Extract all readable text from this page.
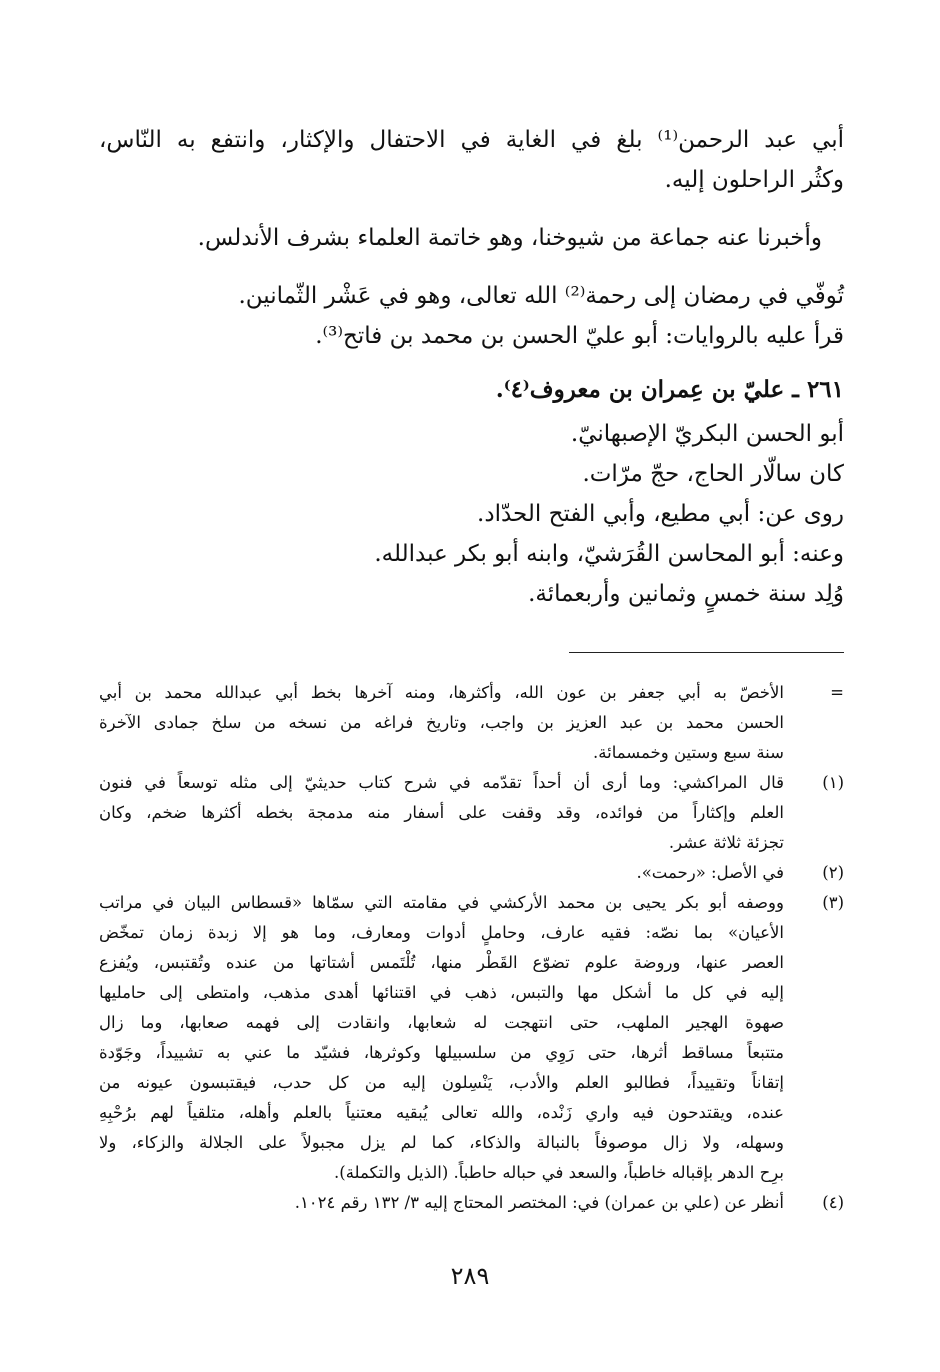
أبي عبد الرحمن⁽¹⁾ بلغ في الغاية في الاحتفال والإكثار، وانتفع به النّاس،
وكثُر الراحلون إليه.
وأخبرنا عنه جماعة من شيوخنا، وهو خاتمة العلماء بشرف الأندلس.
تُوفّي في رمضان إلى رحمة⁽²⁾ الله تعالى، وهو في عَشْر الثّمانين.
قرأ عليه بالروايات: أبو عليّ الحسن بن محمد بن فاتح⁽³⁾.
٢٦١ ـ عليّ بن عِمران بن معروف⁽٤⁾.
أبو الحسن البكريّ الإصبهانيّ.
كان سالّار الحاج، حجّ مرّات.
روى عن: أبي مطيع، وأبي الفتح الحدّاد.
وعنه: أبو المحاسن القُرَشيّ، وابنه أبو بكر عبدالله.
وُلِد سنة خمسٍ وثمانين وأربعمائة.
=
الأخصّ به أبي جعفر بن عون الله، وأكثرها، ومنه آخرها بخط أبي عبدالله محمد بن أبي
الحسن محمد بن عبد العزيز بن واجب، وتاريخ فراغه من نسخه من سلخ جمادى الآخرة
سنة سبع وستين وخمسمائة.
(١)
قال المراكشي: وما أرى أن أحداً تقدّمه في شرح كتاب حديثيّ إلى مثله توسعاً في فنون
العلم وإكثاراً من فوائده، وقد وقفت على أسفار منه مدمجة بخطه أكثرها ضخم، وكان
تجزئة ثلاثة عشر.
(٢)
في الأصل: «رحمت».
(٣)
ووصفه أبو بكر يحيى بن محمد الأركشي في مقامته التي سمّاها «قسطاس البيان في مراتب
الأعيان» بما نصّه: فقيه عارف، وحاملٍ أدوات ومعارف، وما هو إلا زبدة زمان تمخّض
العصر عنها، وروضة علوم تضوّع القَطْر منها، تُلْتَمس أشتاتها من عنده وتُقتبس، ويُفزع
إليه في كل ما أشكل مها والتبس، ذهب في اقتنائها أهدى مذهب، وامتطى إلى حامليها
صهوة الهجير الملهب، حتى انتهجت له شعابها، وانقادت إلى فهمه صعابها، وما زال
متتبعاً مساقط أثرها، حتى رَوِي من سلسبيلها وكوثرها، فشيّد ما عني به تشييداً، وجَوّدة
إتقاناً وتقييداً، فطالبو العلم والأدب، يَنْسِلون إليه من كل حدب، فيقتبسون عيونه من
عنده، ويقتدحون فيه واري زَنْده، والله تعالى يُبقيه معتنياً بالعلم وأهله، متلقياً لهم برُحْبِهِ
وسهله، ولا زال موصوفاً بالنبالة والذكاء، كما لم يزل مجبولاً على الجلالة والزكاء، ولا
برِح الدهر بإقباله خاطباً، والسعد في حباله حاطباً. (الذيل والتكملة).
(٤)
أنظر عن (علي بن عمران) في: المختصر المحتاج إليه ٣/ ١٣٢ رقم ١٠٢٤.
٢٨٩
